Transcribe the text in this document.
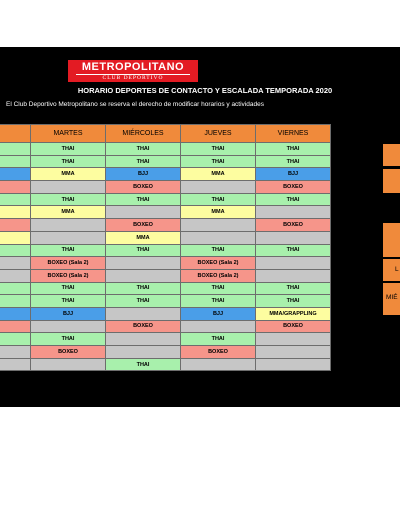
METROPOLITANO
CLUB DEPORTIVO
HORARIO DEPORTES DE CONTACTO Y ESCALADA TEMPORADA 2020
El Club Deportivo Metropolitano se reserva el derecho de modificar horarios y actividades
	MARTES	MIÉRCOLES	JUEVES	VIERNES
	THAI	THAI	THAI	THAI
	THAI	THAI	THAI	THAI
	MMA	BJJ	MMA	BJJ
		BOXEO		BOXEO
	THAI	THAI	THAI	THAI
	MMA		MMA	
		BOXEO		BOXEO
		MMA		
	THAI	THAI	THAI	THAI
	BOXEO (Sala 2)		BOXEO (Sala 2)	
	BOXEO (Sala 2)		BOXEO (Sala 2)	
	THAI	THAI	THAI	THAI
	THAI	THAI	THAI	THAI
	BJJ		BJJ	MMA/GRAPPLING
		BOXEO		BOXEO
	THAI		THAI	
	BOXEO		BOXEO	
		THAI		
L
MIÉ
